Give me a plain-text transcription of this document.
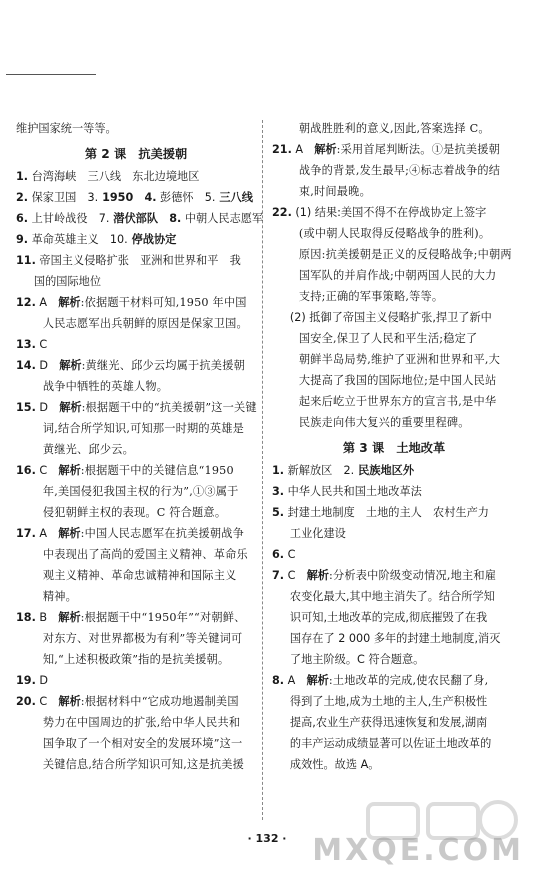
维护国家统一等等。
第 2 课　抗美援朝
1. 台湾海峡　三八线　东北边境地区
2. 保家卫国　3. 1950　4. 彭德怀　5. 三八线
6. 上甘岭战役　7. 潜伏部队　8. 中朝人民志愿军
9. 革命英雄主义　10. 停战协定
11. 帝国主义侵略扩张　亚洲和世界和平　我
国的国际地位
12. A　解析:依据题干材料可知,1950 年中国
人民志愿军出兵朝鲜的原因是保家卫国。
13. C
14. D　解析:黄继光、邱少云均属于抗美援朝
战争中牺牲的英雄人物。
15. D　解析:根据题干中的“抗美援朝”这一关键
词,结合所学知识,可知那一时期的英雄是
黄继光、邱少云。
16. C　解析:根据题干中的关键信息“1950
年,美国侵犯我国主权的行为”,①③属于
侵犯朝鲜主权的表现。C 符合题意。
17. A　解析:中国人民志愿军在抗美援朝战争
中表现出了高尚的爱国主义精神、革命乐
观主义精神、革命忠诚精神和国际主义
精神。
18. B　解析:根据题干中“1950年”“对朝鲜、
对东方、对世界都极为有利”等关键词可
知,“上述积极政策”指的是抗美援朝。
19. D
20. C　解析:根据材料中“它成功地遏制美国
势力在中国周边的扩张,给中华人民共和
国争取了一个相对安全的发展环境”这一
关键信息,结合所学知识可知,这是抗美援
朝战胜胜利的意义,因此,答案选择 C。
21. A　解析:采用首尾判断法。①是抗美援朝
战争的背景,发生最早;④标志着战争的结
束,时间最晚。
22. (1) 结果:美国不得不在停战协定上签字
(或中朝人民取得反侵略战争的胜利)。
原因:抗美援朝是正义的反侵略战争;中朝两
国军队的并肩作战;中朝两国人民的大力
支持;正确的军事策略,等等。
(2) 抵御了帝国主义侵略扩张,捍卫了新中
国安全,保卫了人民和平生活;稳定了
朝鲜半岛局势,维护了亚洲和世界和平,大
大提高了我国的国际地位;是中国人民站
起来后屹立于世界东方的宣言书,是中华
民族走向伟大复兴的重要里程碑。
第 3 课　土地改革
1. 新解放区　2. 民族地区外
3. 中华人民共和国土地改革法
5. 封建土地制度　土地的主人　农村生产力
工业化建设
6. C
7. C　解析:分析表中阶级变动情况,地主和雇
农变化最大,其中地主消失了。结合所学知
识可知,土地改革的完成,彻底摧毁了在我
国存在了 2 000 多年的封建土地制度,消灭
了地主阶级。C 符合题意。
8. A　解析:土地改革的完成,使农民翻了身,
得到了土地,成为土地的主人,生产积极性
提高,农业生产获得迅速恢复和发展,湖南
的丰产运动成绩显著可以佐证土地改革的
成效性。故选 A。
· 132 · MXQE.COM
